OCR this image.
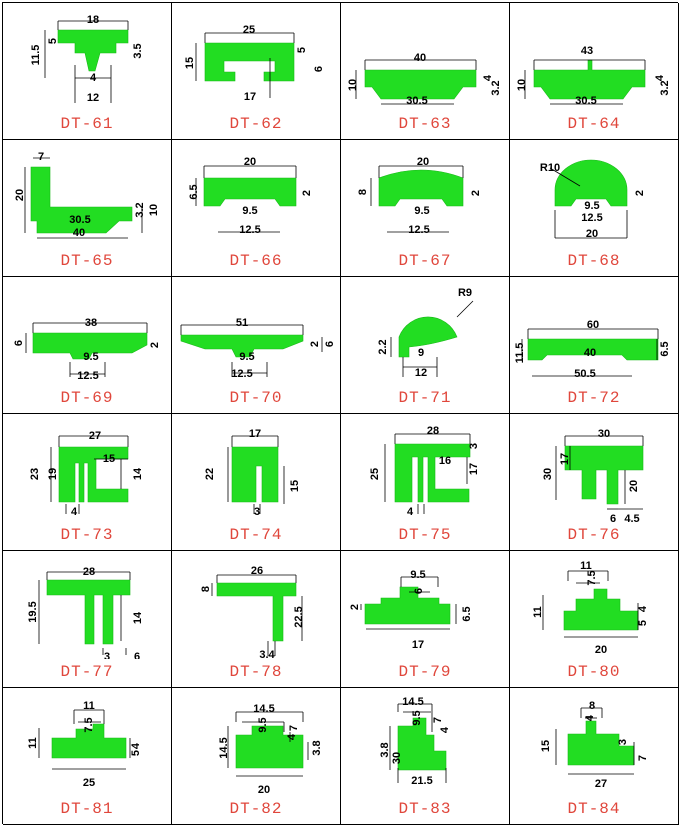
18
11.5
5
3.5
4
12
DT-61
25
15
5
6
17
DT-62
40
10
4
3.2
30.5
DT-63
43
10
4
3.2
30.5
DT-64
7
20
3.2 10
30.5
40
DT-65
20
6.5	2
9.5
12.5
DT-66
20
8	2
9.5
12.5
DT-67
R10
2
9.5
12.5
20
DT-68
38
6	2
9.5
12.5
DT-69
51
2 6
9.5
12.5
DT-70
R9
2.2	9
12
DT-71
60
11.5	6.5
40
50.5
DT-72
27
23 19
15
14
4
DT-73
17
22
15
3
DT-74
28
25
16
3
17
4
DT-75
30
30
17
20
6 4.5
DT-76
28
19.5	14
3 6
DT-77
26
8
22.5
3.4
DT-78
9.5
6
2	6.5
17
DT-79
11
7.5
11	4
5
20
DT-80
11
7.5
11	4
5
25
DT-81
14.5
9.5 7
4
14.5	3.8
20
DT-82
14.5
9.5 7
4
3.8
30
21.5
DT-83
8
4
15	3
7
27
DT-84
